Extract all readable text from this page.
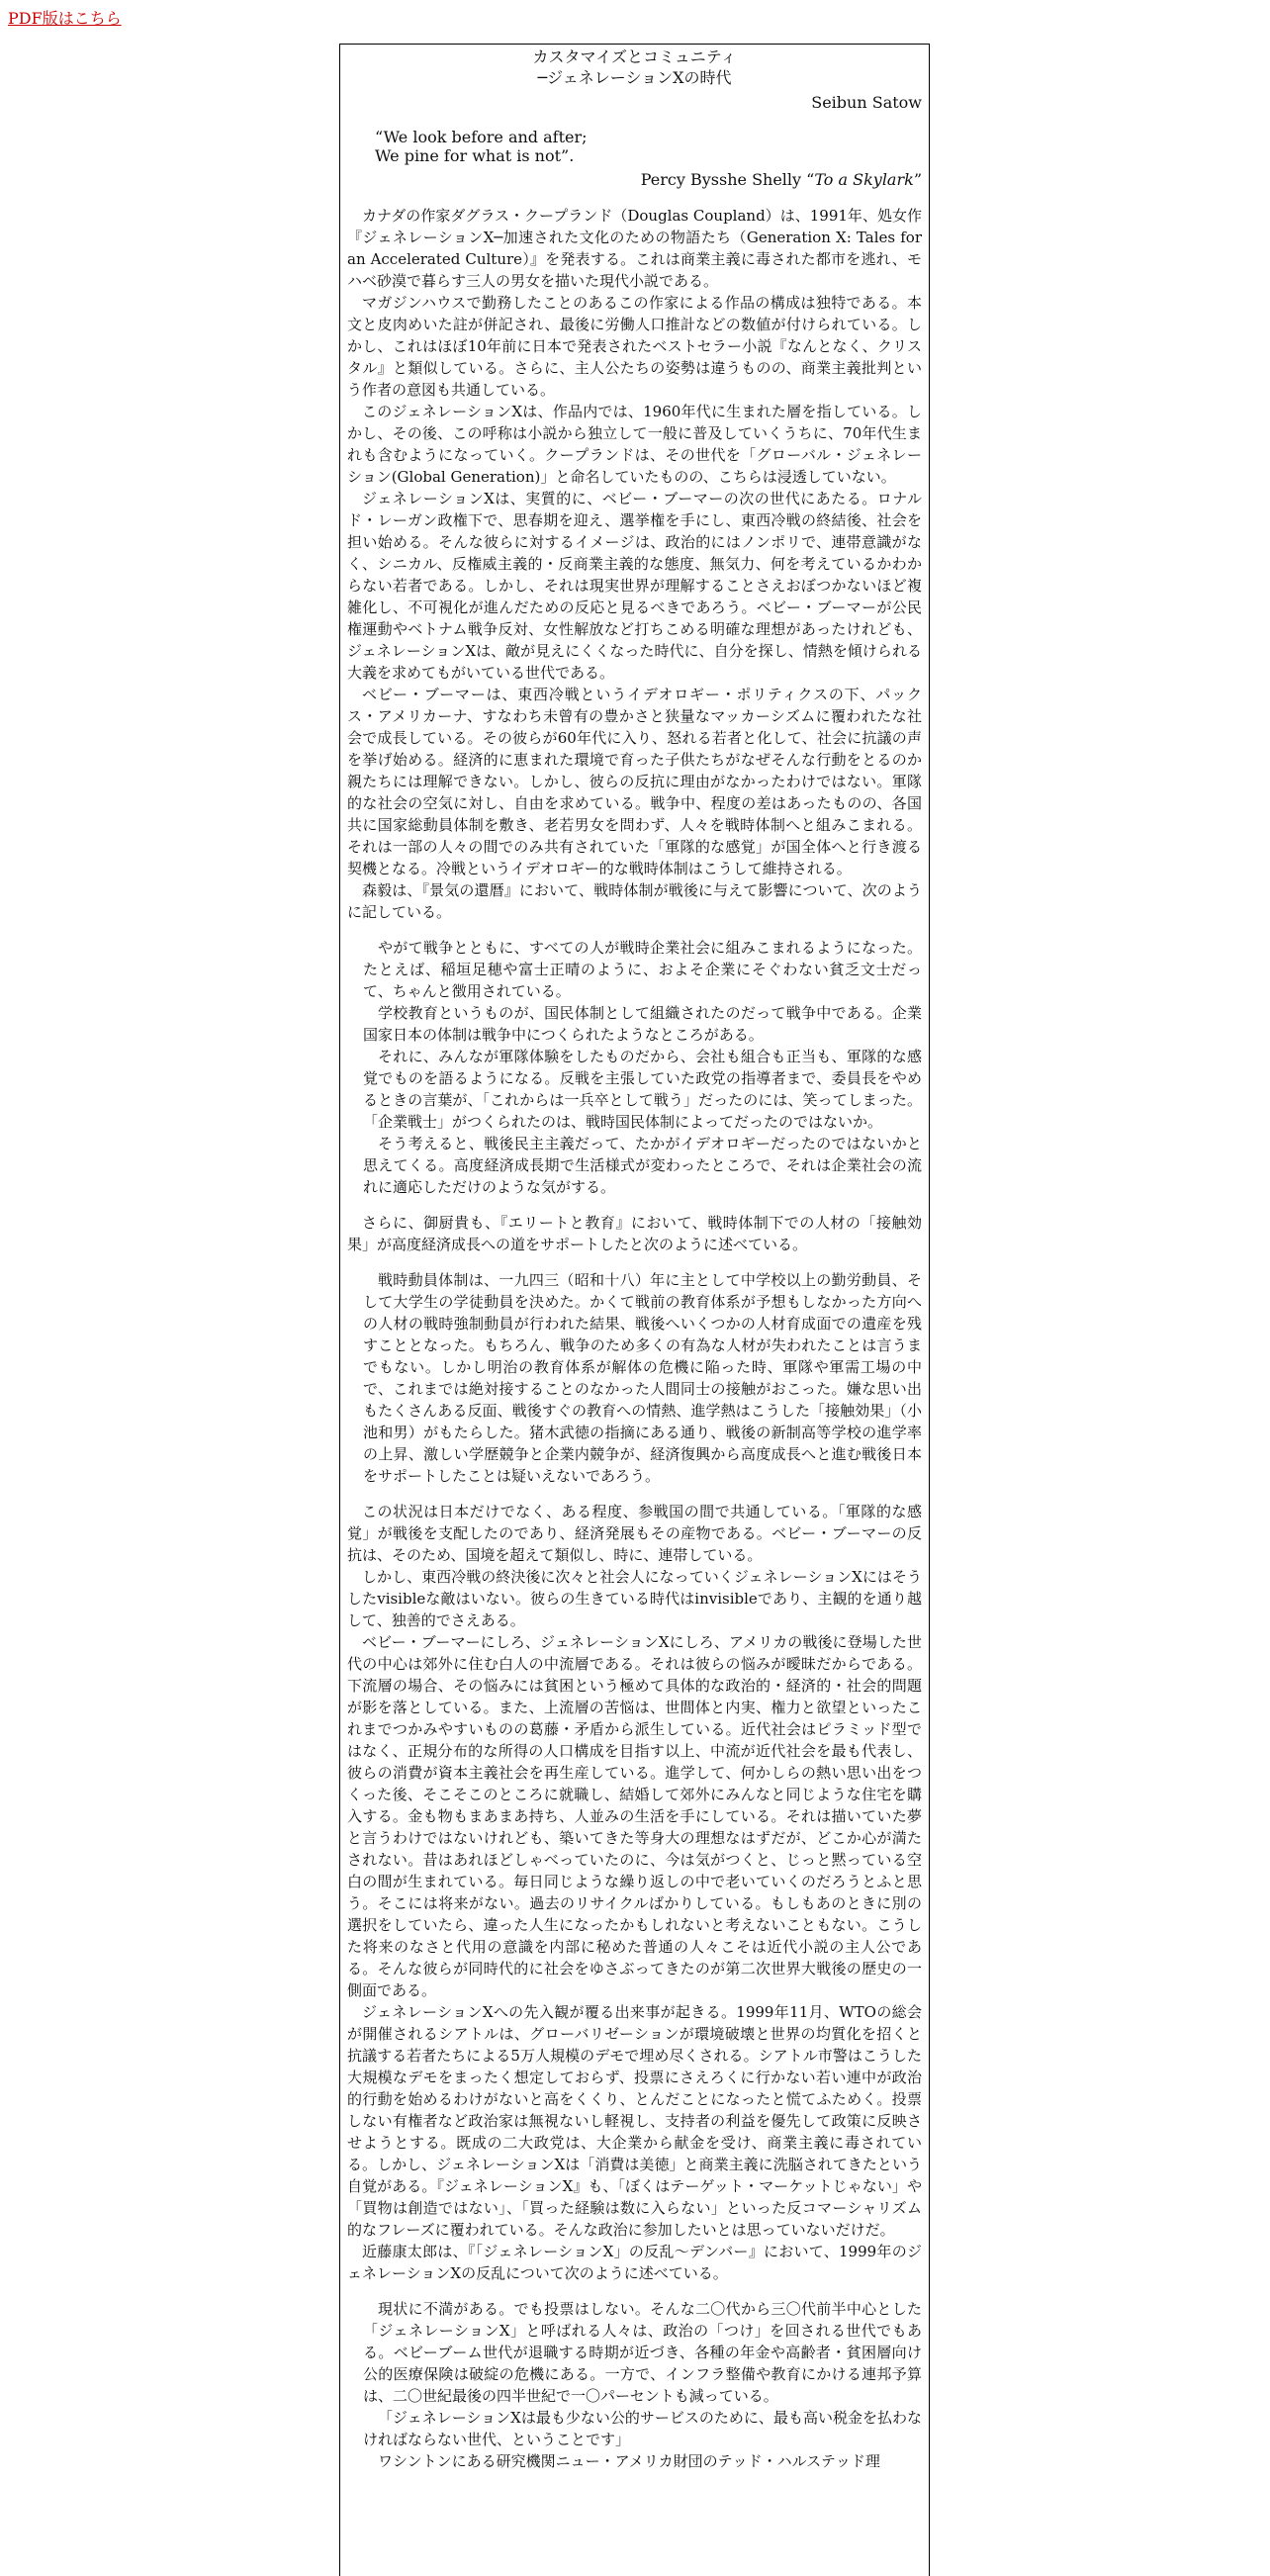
PDF版はこちら
カスタマイズとコミュニティ
─ジェネレーションXの時代
Seibun Satow
“We look before and after;
We pine for what is not”.
Percy Bysshe Shelly “To a Skylark”

カナダの作家ダグラス・クープランド（Douglas Coupland）は、1991年、処女作『ジェネレーションX─加速された文化のための物語たち（Generation X: Tales for an Accelerated Culture）』を発表する。これは商業主義に毒された都市を逃れ、モハベ砂漠で暮らす三人の男女を描いた現代小説である。

マガジンハウスで勤務したことのあるこの作家による作品の構成は独特である。本文と皮肉めいた註が併記され、最後に労働人口推計などの数値が付けられている。しかし、これはほぼ10年前に日本で発表されたベストセラー小説『なんとなく、クリスタル』と類似している。さらに、主人公たちの姿勢は違うものの、商業主義批判という作者の意図も共通している。

このジェネレーションXは、作品内では、1960年代に生まれた層を指している。しかし、その後、この呼称は小説から独立して一般に普及していくうちに、70年代生まれも含むようになっていく。クープランドは、その世代を「グローバル・ジェネレーション(Global Generation)」と命名していたものの、こちらは浸透していない。

ジェネレーションXは、実質的に、ベビー・ブーマーの次の世代にあたる。ロナルド・レーガン政権下で、思春期を迎え、選挙権を手にし、東西冷戦の終結後、社会を担い始める。そんな彼らに対するイメージは、政治的にはノンポリで、連帯意識がなく、シニカル、反権威主義的・反商業主義的な態度、無気力、何を考えているかわからない若者である。しかし、それは現実世界が理解することさえおぼつかないほど複雑化し、不可視化が進んだための反応と見るべきであろう。ベビー・ブーマーが公民権運動やベトナム戦争反対、女性解放など打ちこめる明確な理想があったけれども、ジェネレーションXは、敵が見えにくくなった時代に、自分を探し、情熱を傾けられる大義を求めてもがいている世代である。

ベビー・ブーマーは、東西冷戦というイデオロギー・ポリティクスの下、パックス・アメリカーナ、すなわち未曾有の豊かさと狭量なマッカーシズムに覆われたな社会で成長している。その彼らが60年代に入り、怒れる若者と化して、社会に抗議の声を挙げ始める。経済的に恵まれた環境で育った子供たちがなぜそんな行動をとるのか親たちには理解できない。しかし、彼らの反抗に理由がなかったわけではない。軍隊的な社会の空気に対し、自由を求めている。戦争中、程度の差はあったものの、各国共に国家総動員体制を敷き、老若男女を問わず、人々を戦時体制へと組みこまれる。それは一部の人々の間でのみ共有されていた「軍隊的な感覚」が国全体へと行き渡る契機となる。冷戦というイデオロギー的な戦時体制はこうして維持される。

森毅は、『景気の還暦』において、戦時体制が戦後に与えて影響について、次のように記している。

やがて戦争とともに、すべての人が戦時企業社会に組みこまれるようになった。たとえば、稲垣足穂や富士正晴のように、およそ企業にそぐわない貧乏文士だって、ちゃんと徴用されている。

学校教育というものが、国民体制として組織されたのだって戦争中である。企業国家日本の体制は戦争中につくられたようなところがある。

それに、みんなが軍隊体験をしたものだから、会社も組合も正当も、軍隊的な感覚でものを語るようになる。反戦を主張していた政党の指導者まで、委員長をやめるときの言葉が、「これからは一兵卒として戦う」だったのには、笑ってしまった。「企業戦士」がつくられたのは、戦時国民体制によってだったのではないか。

そう考えると、戦後民主主義だって、たかがイデオロギーだったのではないかと思えてくる。高度経済成長期で生活様式が変わったところで、それは企業社会の流れに適応しただけのような気がする。

さらに、御厨貴も、『エリートと教育』において、戦時体制下での人材の「接触効果」が高度経済成長への道をサポートしたと次のように述べている。

戦時動員体制は、一九四三（昭和十八）年に主として中学校以上の勤労動員、そして大学生の学徒動員を決めた。かくて戦前の教育体系が予想もしなかった方向への人材の戦時強制動員が行われた結果、戦後へいくつかの人材育成面での遺産を残すこととなった。もちろん、戦争のため多くの有為な人材が失われたことは言うまでもない。しかし明治の教育体系が解体の危機に陥った時、軍隊や軍需工場の中で、これまでは絶対接することのなかった人間同士の接触がおこった。嫌な思い出もたくさんある反面、戦後すぐの教育への情熱、進学熱はこうした「接触効果」（小池和男）がもたらした。猪木武徳の指摘にある通り、戦後の新制高等学校の進学率の上昇、激しい学歴競争と企業内競争が、経済復興から高度成長へと進む戦後日本をサポートしたことは疑いえないであろう。

この状況は日本だけでなく、ある程度、参戦国の間で共通している。「軍隊的な感覚」が戦後を支配したのであり、経済発展もその産物である。ベビー・ブーマーの反抗は、そのため、国境を超えて類似し、時に、連帯している。

しかし、東西冷戦の終決後に次々と社会人になっていくジェネレーションXにはそうしたvisibleな敵はいない。彼らの生きている時代はinvisibleであり、主観的を通り越して、独善的でさえある。

ベビー・ブーマーにしろ、ジェネレーションXにしろ、アメリカの戦後に登場した世代の中心は郊外に住む白人の中流層である。それは彼らの悩みが曖昧だからである。下流層の場合、その悩みには貧困という極めて具体的な政治的・経済的・社会的問題が影を落としている。また、上流層の苦悩は、世間体と内実、権力と欲望といったこれまでつかみやすいものの葛藤・矛盾から派生している。近代社会はピラミッド型ではなく、正規分布的な所得の人口構成を目指す以上、中流が近代社会を最も代表し、彼らの消費が資本主義社会を再生産している。進学して、何かしらの熱い思い出をつくった後、そこそこのところに就職し、結婚して郊外にみんなと同じような住宅を購入する。金も物もまあまあ持ち、人並みの生活を手にしている。それは描いていた夢と言うわけではないけれども、築いてきた等身大の理想なはずだが、どこか心が満たされない。昔はあれほどしゃべっていたのに、今は気がつくと、じっと黙っている空白の間が生まれている。毎日同じような繰り返しの中で老いていくのだろうとふと思う。そこには将来がない。過去のリサイクルばかりしている。もしもあのときに別の選択をしていたら、違った人生になったかもしれないと考えないこともない。こうした将来のなさと代用の意識を内部に秘めた普通の人々こそは近代小説の主人公である。そんな彼らが同時代的に社会をゆさぶってきたのが第二次世界大戦後の歴史の一側面である。

ジェネレーションXへの先入観が覆る出来事が起きる。1999年11月、WTOの総会が開催されるシアトルは、グローバリゼーションが環境破壊と世界の均質化を招くと抗議する若者たちによる5万人規模のデモで埋め尽くされる。シアトル市警はこうした大規模なデモをまったく想定しておらず、投票にさえろくに行かない若い連中が政治的行動を始めるわけがないと高をくくり、とんだことになったと慌てふためく。投票しない有権者など政治家は無視ないし軽視し、支持者の利益を優先して政策に反映させようとする。既成の二大政党は、大企業から献金を受け、商業主義に毒されている。しかし、ジェネレーションXは「消費は美徳」と商業主義に洗脳されてきたという自覚がある。『ジェネレーションX』も、「ぼくはテーゲット・マーケットじゃない」や「買物は創造ではない」、「買った経験は数に入らない」といった反コマーシャリズム的なフレーズに覆われている。そんな政治に参加したいとは思っていないだけだ。

近藤康太郎は、『「ジェネレーションX」の反乱～デンバー』において、1999年のジェネレーションXの反乱について次のように述べている。

現状に不満がある。でも投票はしない。そんな二〇代から三〇代前半中心とした「ジェネレーションX」と呼ばれる人々は、政治の「つけ」を回される世代でもある。ベビーブーム世代が退職する時期が近づき、各種の年金や高齢者・貧困層向け公的医療保険は破綻の危機にある。一方で、インフラ整備や教育にかける連邦予算は、二〇世紀最後の四半世紀で一〇パーセントも減っている。

「ジェネレーションXは最も少ない公的サービスのために、最も高い税金を払わなければならない世代、ということです」

ワシントンにある研究機関ニュー・アメリカ財団のテッド・ハルステッド理
